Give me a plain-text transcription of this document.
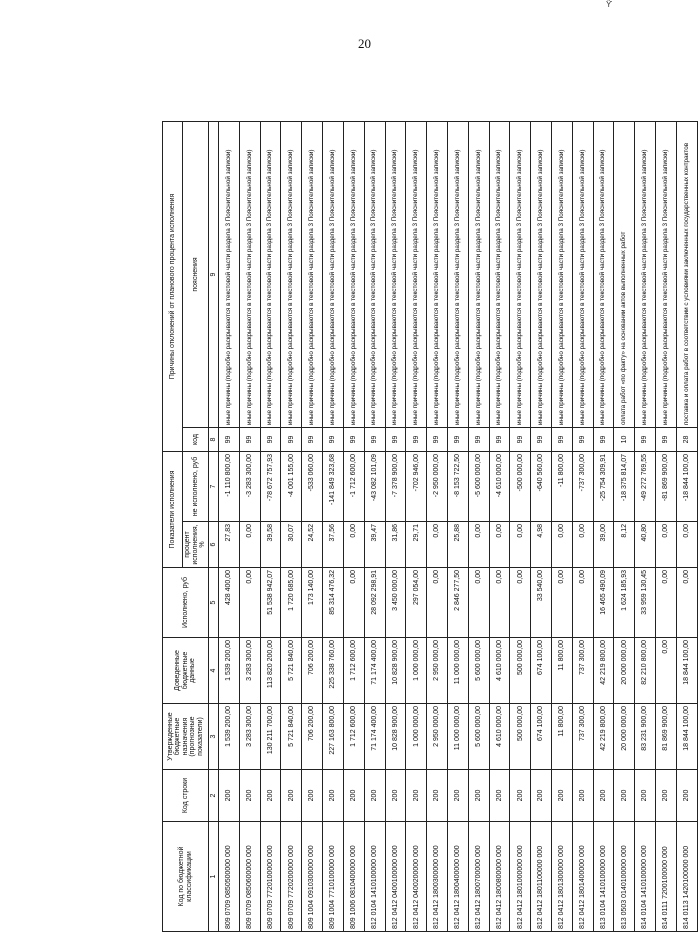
ϔ
20
Код по бюджетной классификации	Код строки	Утвержденные бюджетные назначения (прогнозные показатели)	Доведенные бюджетные данные	Исполнено, руб	Показатели исполнения		Причины отклонений от планового процента исполнения	
					процент исполнения, %	не исполнено, руб	код	пояснения
1	2	3	4	5	6	7	8	9
809 0709 0850500000 000	200	1 539 200,00	1 539 200,00	428 400,00	27,83	-1 110 800,00	99	иные причины (подробно раскрываются в текстовой части раздела 3 Пояснительной записки)
809 0709 0850600000 000	200	3 283 300,00	3 283 300,00	0,00	0,00	-3 283 300,00	99	иные причины (подробно раскрываются в текстовой части раздела 3 Пояснительной записки)
809 0709 7720100000 000	200	130 211 700,00	113 820 200,00	51 538 942,07	39,58	-78 672 757,93	99	иные причины (подробно раскрываются в текстовой части раздела 3 Пояснительной записки)
809 0709 7720200000 000	200	5 721 840,00	5 721 840,00	1 720 685,00	30,07	-4 001 155,00	99	иные причины (подробно раскрываются в текстовой части раздела 3 Пояснительной записки)
809 1004 0910300000 000	200	706 200,00	706 200,00	173 140,00	24,52	-533 060,00	99	иные причины (подробно раскрываются в текстовой части раздела 3 Пояснительной записки)
809 1004 7710100000 000	200	227 163 800,00	225 338 760,00	85 314 476,32	37,56	-141 849 323,68	99	иные причины (подробно раскрываются в текстовой части раздела 3 Пояснительной записки)
809 1006 0810400000 000	200	1 712 600,00	1 712 600,00	0,00	0,00	-1 712 600,00	99	иные причины (подробно раскрываются в текстовой части раздела 3 Пояснительной записки)
812 0104 1410100000 000	200	71 174 400,00	71 174 400,00	28 092 298,91	39,47	-43 082 101,09	99	иные причины (подробно раскрываются в текстовой части раздела 3 Пояснительной записки)
812 0412 0400100000 000	200	10 828 900,00	10 828 900,00	3 450 000,00	31,86	-7 378 900,00	99	иные причины (подробно раскрываются в текстовой части раздела 3 Пояснительной записки)
812 0412 0400200000 000	200	1 000 000,00	1 000 000,00	297 054,00	29,71	-702 946,00	99	иные причины (подробно раскрываются в текстовой части раздела 3 Пояснительной записки)
812 0412 1800300000 000	200	2 950 000,00	2 950 000,00	0,00	0,00	-2 950 000,00	99	иные причины (подробно раскрываются в текстовой части раздела 3 Пояснительной записки)
812 0412 1800400000 000	200	11 000 000,00	11 000 000,00	2 846 277,50	25,88	-8 153 722,50	99	иные причины (подробно раскрываются в текстовой части раздела 3 Пояснительной записки)
812 0412 1800700000 000	200	5 600 000,00	5 600 000,00	0,00	0,00	-5 600 000,00	99	иные причины (подробно раскрываются в текстовой части раздела 3 Пояснительной записки)
812 0412 1800800000 000	200	4 610 000,00	4 610 000,00	0,00	0,00	-4 610 000,00	99	иные причины (подробно раскрываются в текстовой части раздела 3 Пояснительной записки)
812 0412 1801000000 000	200	500 000,00	500 000,00	0,00	0,00	-500 000,00	99	иные причины (подробно раскрываются в текстовой части раздела 3 Пояснительной записки)
812 0412 1801100000 000	200	674 100,00	674 100,00	33 540,00	4,98	-640 560,00	99	иные причины (подробно раскрываются в текстовой части раздела 3 Пояснительной записки)
812 0412 1801300000 000	200	11 800,00	11 800,00	0,00	0,00	-11 800,00	99	иные причины (подробно раскрываются в текстовой части раздела 3 Пояснительной записки)
812 0412 1801400000 000	200	737 300,00	737 300,00	0,00	0,00	-737 300,00	99	иные причины (подробно раскрываются в текстовой части раздела 3 Пояснительной записки)
813 0104 1410100000 000	200	42 219 800,00	42 219 800,00	16 465 490,09	39,00	-25 754 309,91	99	иные причины (подробно раскрываются в текстовой части раздела 3 Пояснительной записки)
813 0503 0140100000 000	200	20 000 000,00	20 000 000,00	1 624 185,93	8,12	-18 375 814,07	10	оплата работ «по факту» на основании актов выполненных работ
814 0104 1410100000 000	200	83 231 900,00	82 210 800,00	33 959 130,45	40,80	-49 272 769,55	99	иные причины (подробно раскрываются в текстовой части раздела 3 Пояснительной записки)
814 0111 7200100000 000	200	81 869 900,00	0,00	0,00	0,00	-81 869 900,00	99	иные причины (подробно раскрываются в текстовой части раздела 3 Пояснительной записки)
814 0113 1420100000 000	200	18 844 100,00	18 844 100,00	0,00	0,00	-18 844 100,00	28	поставка и оплата работ в соответствии с условиями заключенных государственных контрактов
